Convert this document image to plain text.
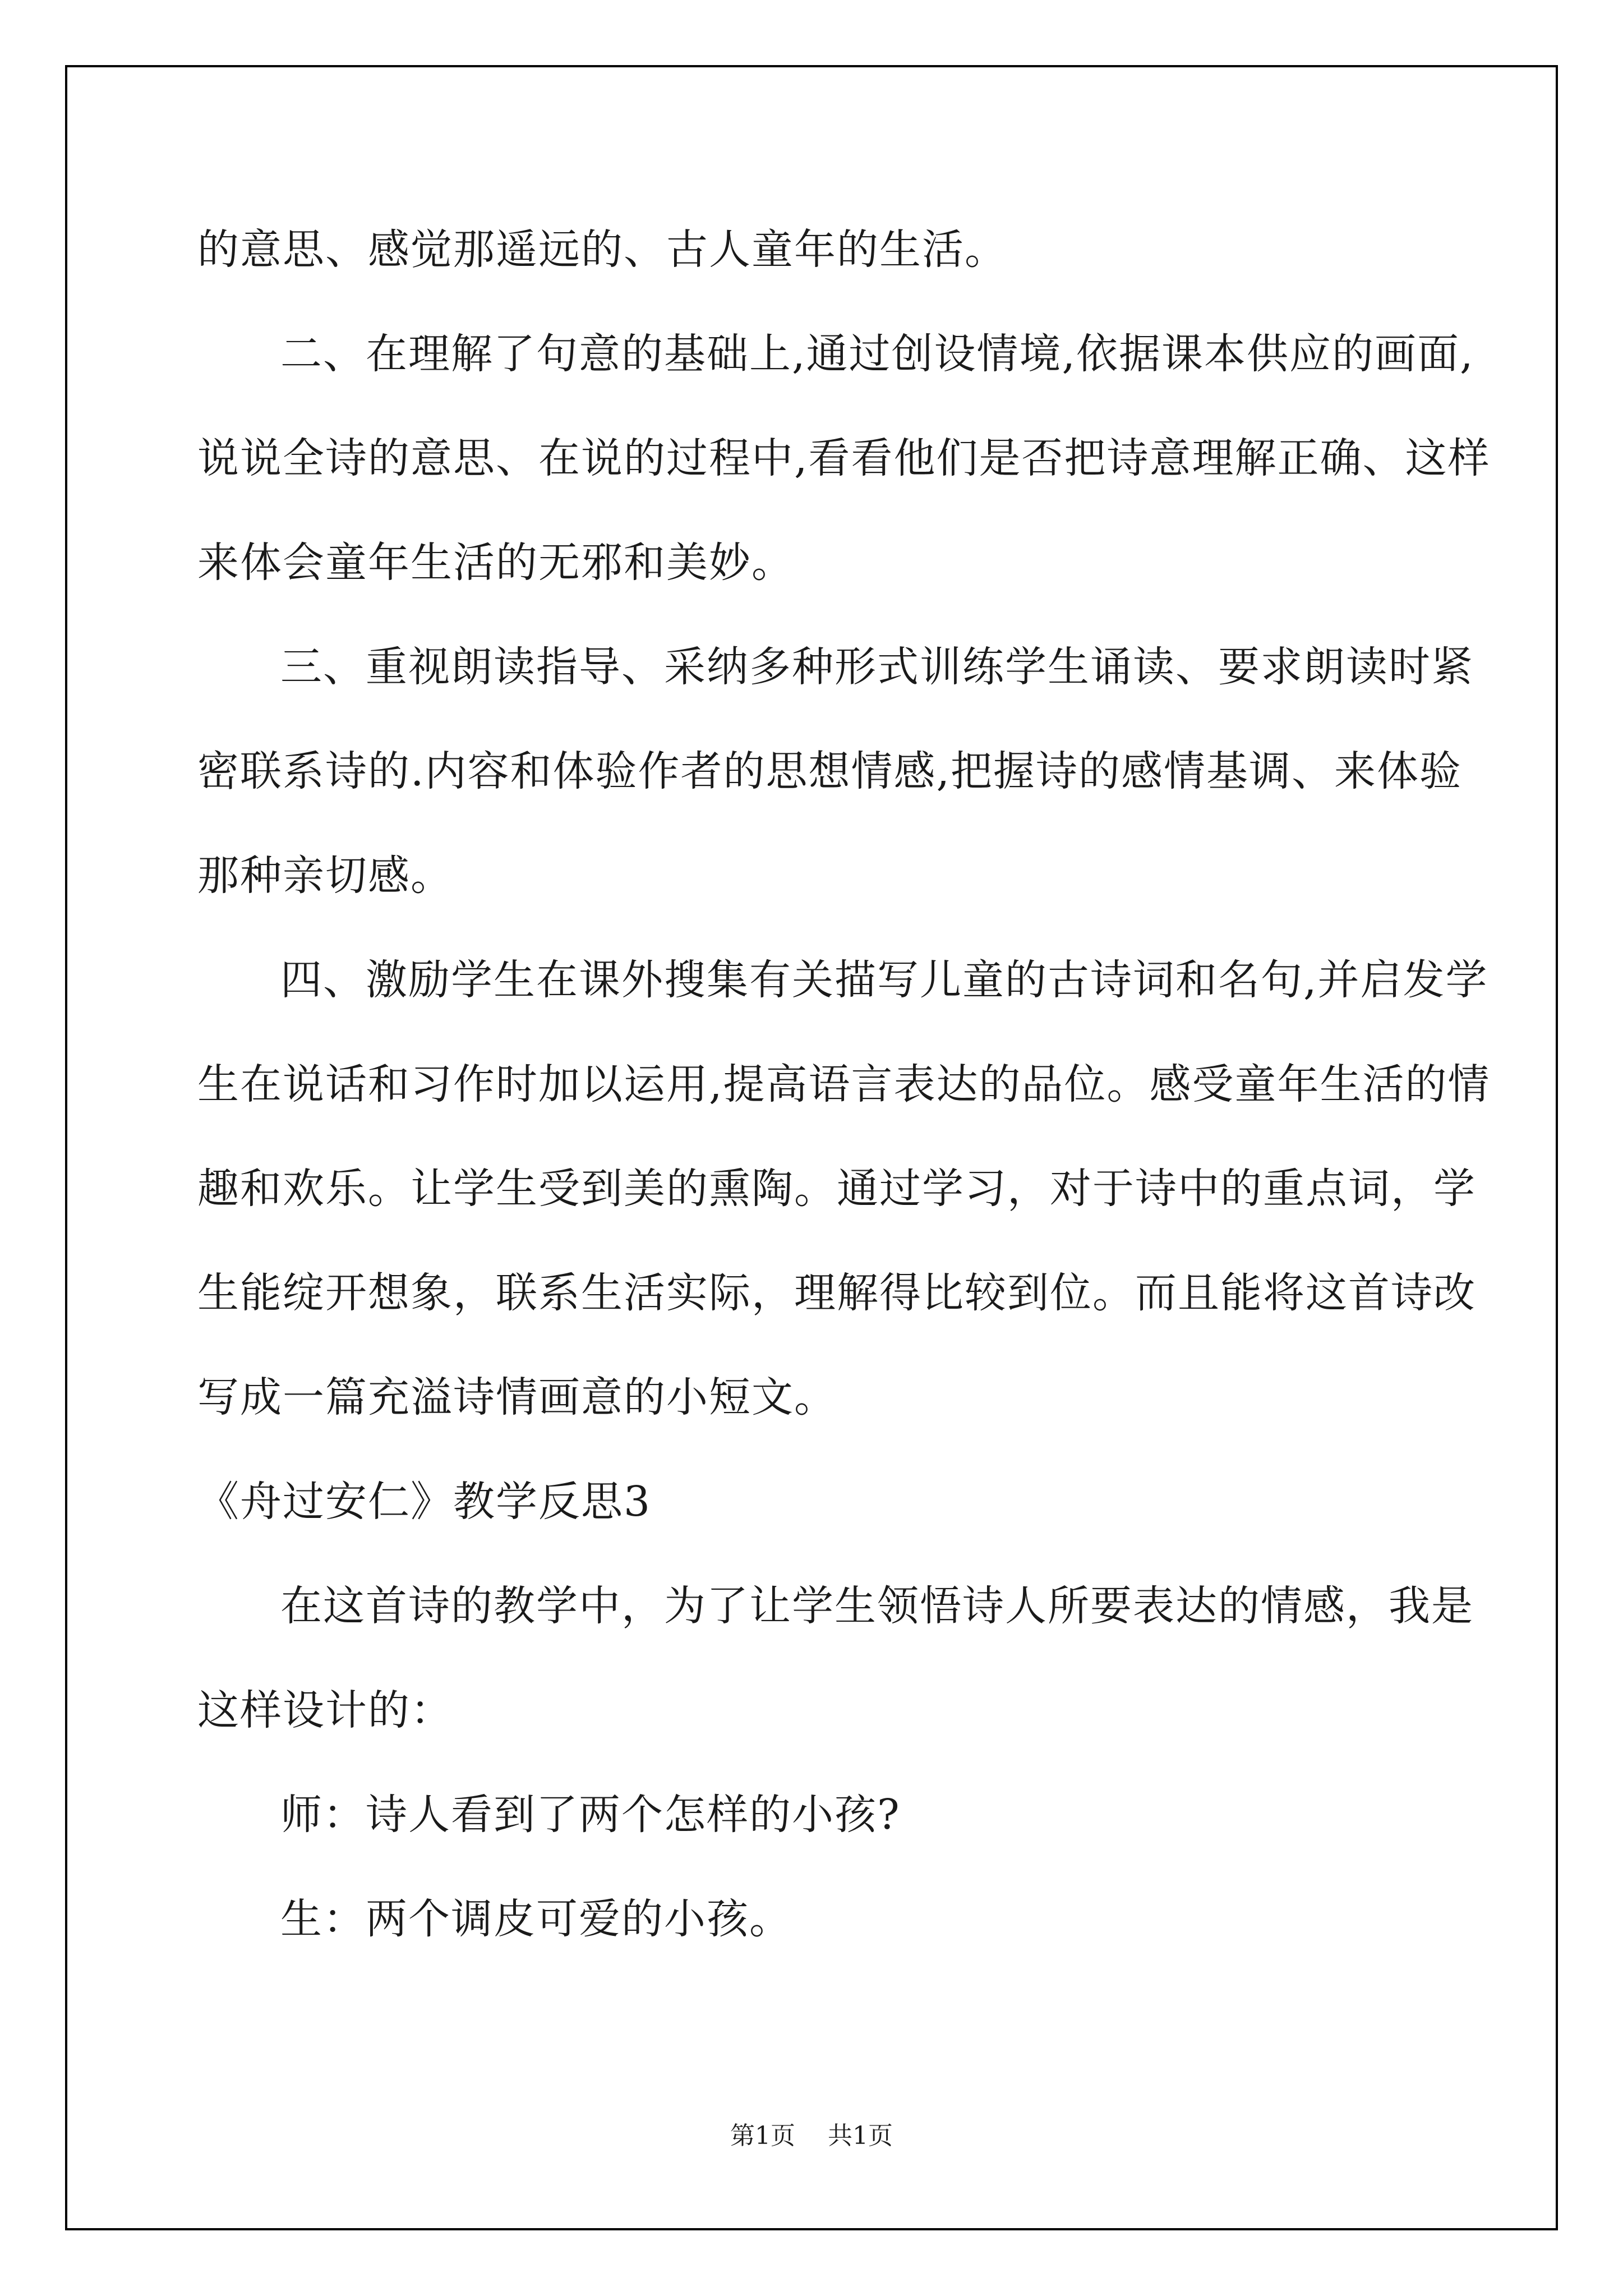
的意思、感觉那遥远的、古人童年的生活。
二、在理解了句意的基础上,通过创设情境,依据课本供应的画面,
说说全诗的意思、在说的过程中,看看他们是否把诗意理解正确、这样
来体会童年生活的无邪和美妙。
三、重视朗读指导、采纳多种形式训练学生诵读、要求朗读时紧
密联系诗的.内容和体验作者的思想情感,把握诗的感情基调、来体验
那种亲切感。
四、激励学生在课外搜集有关描写儿童的古诗词和名句,并启发学
生在说话和习作时加以运用,提高语言表达的品位。感受童年生活的情
趣和欢乐。让学生受到美的熏陶。通过学习，对于诗中的重点词，学
生能绽开想象，联系生活实际，理解得比较到位。而且能将这首诗改
写成一篇充溢诗情画意的小短文。
《舟过安仁》教学反思3
在这首诗的教学中，为了让学生领悟诗人所要表达的情感，我是
这样设计的：
师：诗人看到了两个怎样的小孩?
生：两个调皮可爱的小孩。
第1页 共1页
